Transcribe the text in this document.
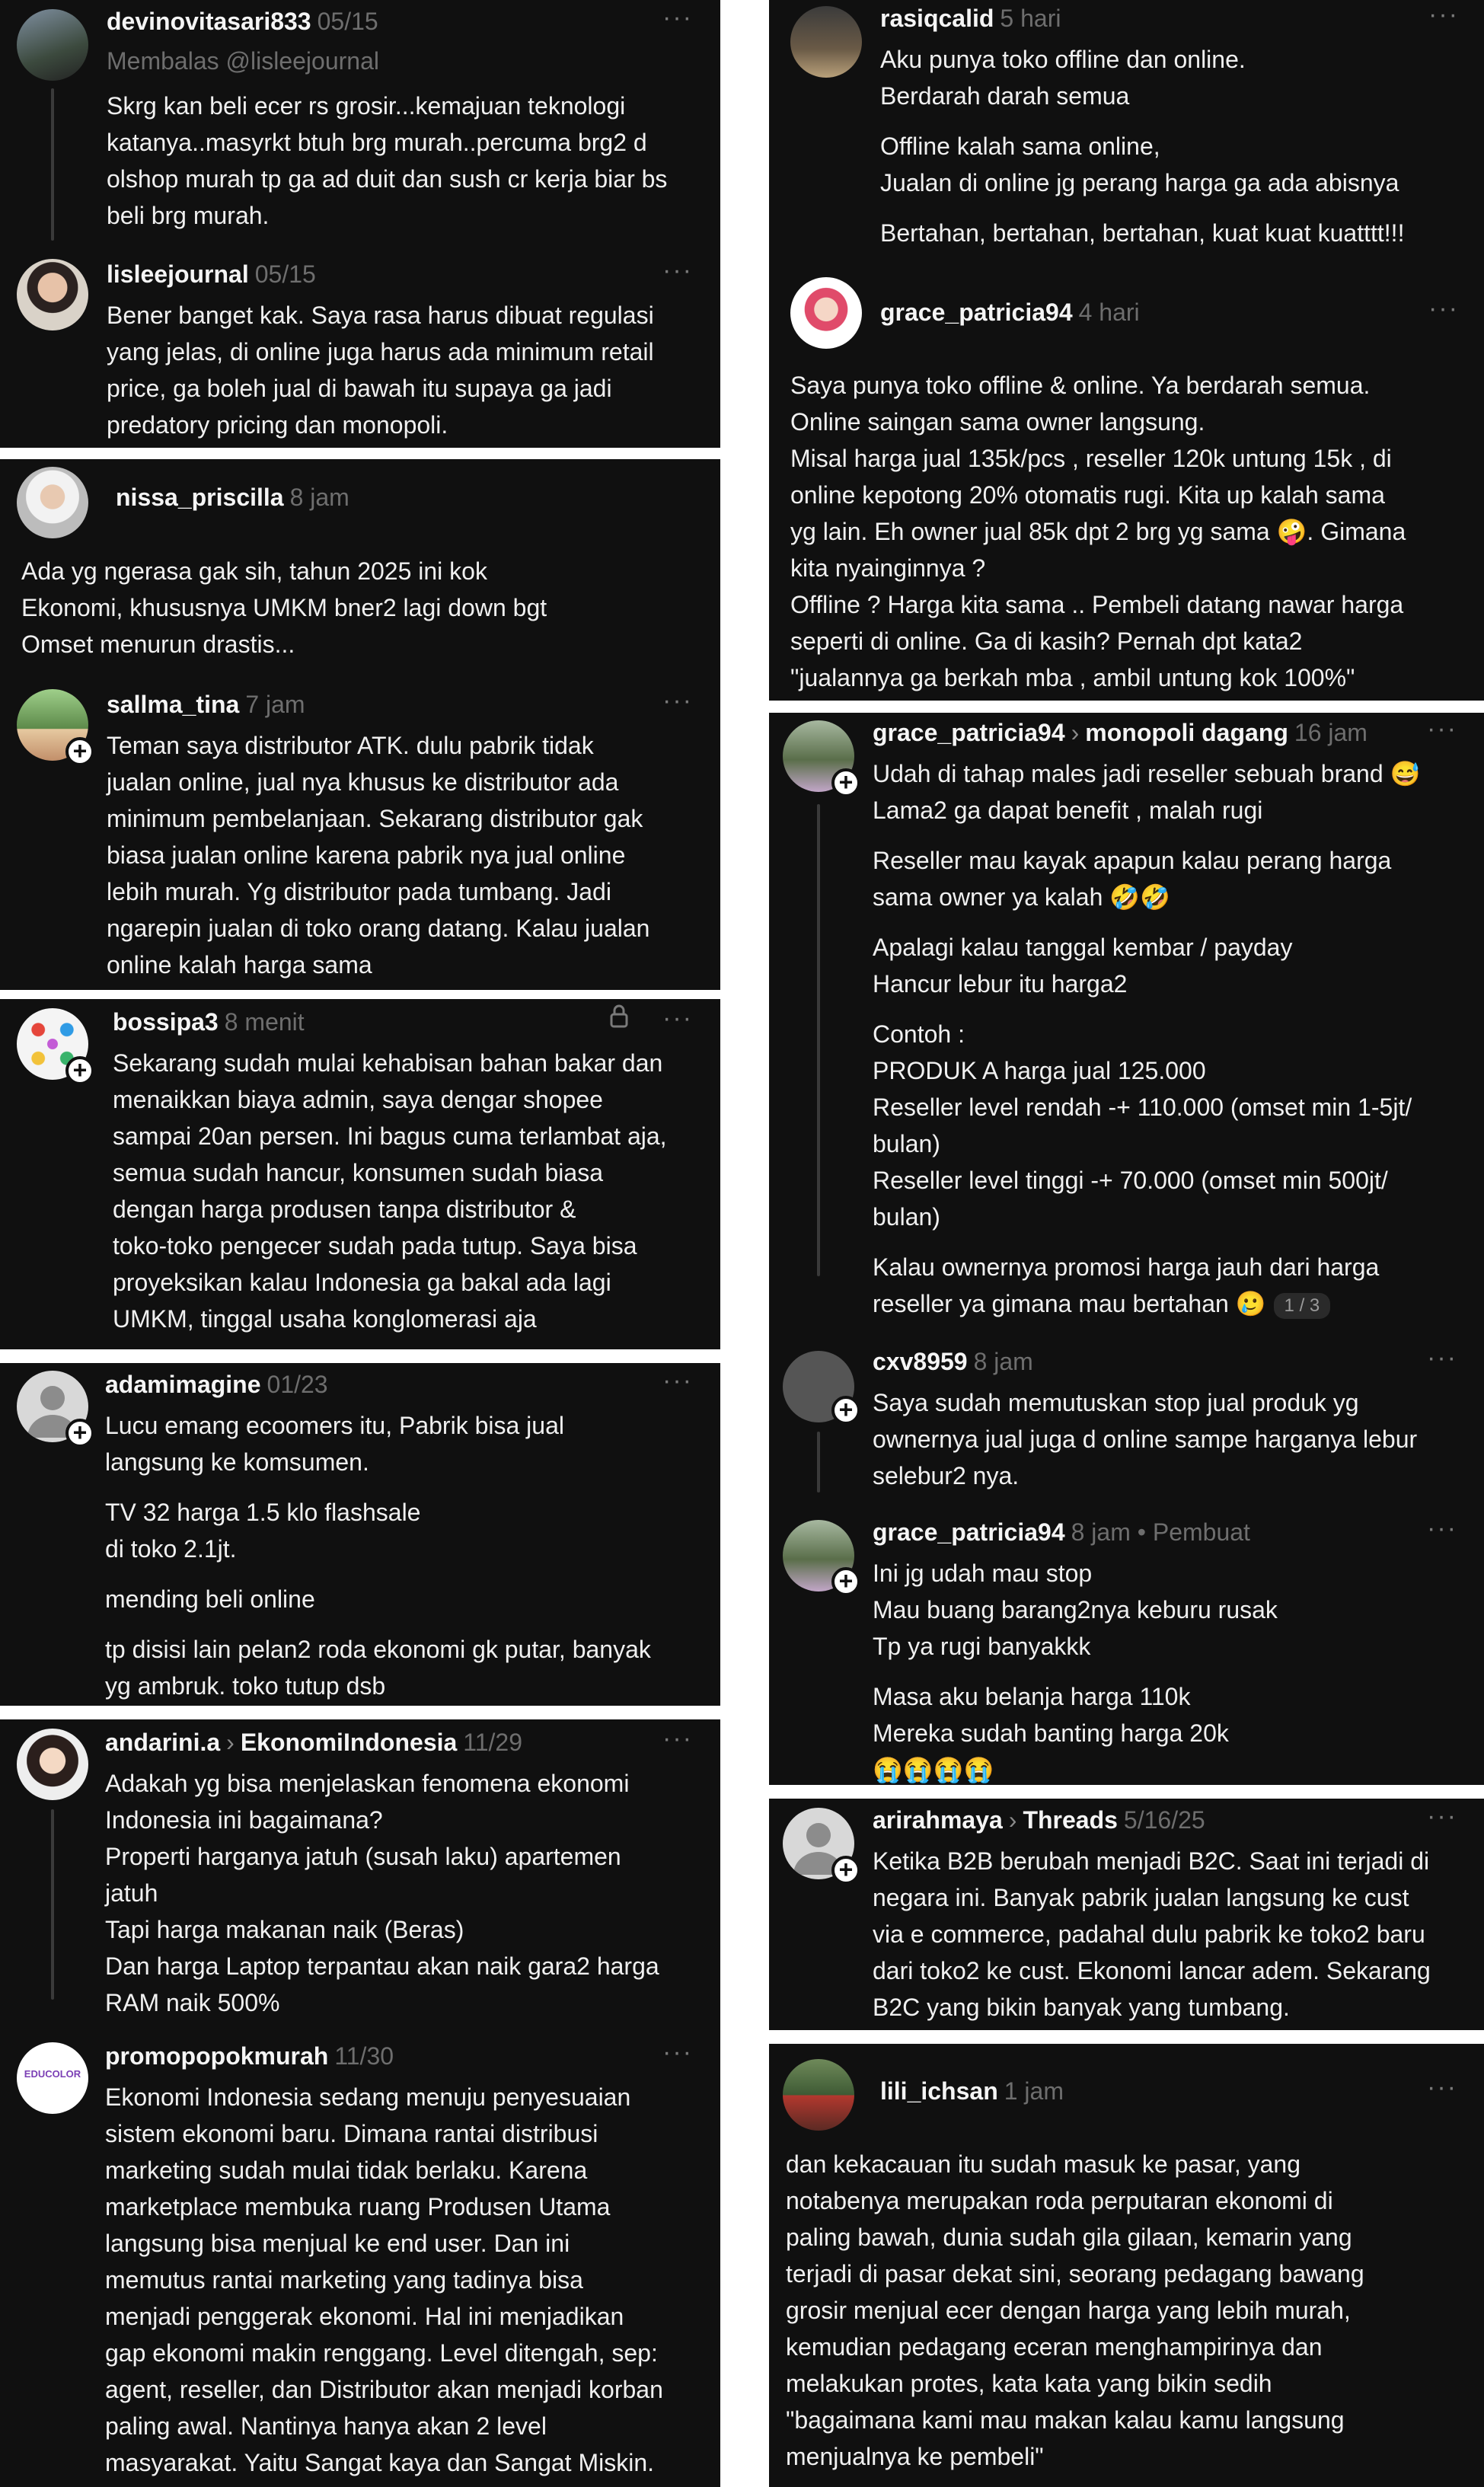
devinovitasari833 05/15	···
Membalas @lisleejournal

Skrg kan beli ecer rs grosir...kemajuan teknologi

katanya..masyrkt btuh brg murah..percuma brg2 d

olshop murah tp ga ad duit dan sush cr kerja biar bs

beli brg murah.

lisleejournal 05/15	···

Bener banget kak. Saya rasa harus dibuat regulasi

yang jelas, di online juga harus ada minimum retail

price, ga boleh jual di bawah itu supaya ga jadi

predatory pricing dan monopoli.

nissa_priscilla 8 jam

Ada yg ngerasa gak sih, tahun 2025 ini kok

Ekonomi, khususnya UMKM bner2 lagi down bgt

Omset menurun drastis...

+
sallma_tina 7 jam	···

Teman saya distributor ATK. dulu pabrik tidak

jualan online, jual nya khusus ke distributor ada

minimum pembelanjaan. Sekarang distributor gak

biasa jualan online karena pabrik nya jual online

lebih murah. Yg distributor pada tumbang. Jadi

ngarepin jualan di toko orang datang. Kalau jualan

online kalah harga sama

+
bossipa3 8 menit	···

Sekarang sudah mulai kehabisan bahan bakar dan

menaikkan biaya admin, saya dengar shopee

sampai 20an persen. Ini bagus cuma terlambat aja,

semua sudah hancur, konsumen sudah biasa

dengan harga produsen tanpa distributor &

toko-toko pengecer sudah pada tutup. Saya bisa

proyeksikan kalau Indonesia ga bakal ada lagi

UMKM, tinggal usaha konglomerasi aja

+
adamimagine 01/23	···

Lucu emang ecoomers itu, Pabrik bisa jual

langsung ke komsumen.

TV 32 harga 1.5 klo flashsale

di toko 2.1jt.

mending beli online

tp disisi lain pelan2 roda ekonomi gk putar, banyak

yg ambruk. toko tutup dsb

andarini.a › EkonomiIndonesia 11/29	···

Adakah yg bisa menjelaskan fenomena ekonomi

Indonesia ini bagaimana?

Properti harganya jatuh (susah laku) apartemen

jatuh

Tapi harga makanan naik (Beras)

Dan harga Laptop terpantau akan naik gara2 harga

RAM naik 500%

EDUCOLOR
promopopokmurah 11/30	···

Ekonomi Indonesia sedang menuju penyesuaian

sistem ekonomi baru. Dimana rantai distribusi

marketing sudah mulai tidak berlaku. Karena

marketplace membuka ruang Produsen Utama

langsung bisa menjual ke end user. Dan ini

memutus rantai marketing yang tadinya bisa

menjadi penggerak ekonomi. Hal ini menjadikan

gap ekonomi makin renggang. Level ditengah, sep:

agent, reseller, dan Distributor akan menjadi korban

paling awal. Nantinya hanya akan 2 level

masyarakat. Yaitu Sangat kaya dan Sangat Miskin.

rasiqcalid 5 hari	···

Aku punya toko offline dan online.

Berdarah darah semua

Offline kalah sama online,

Jualan di online jg perang harga ga ada abisnya

Bertahan, bertahan, bertahan, kuat kuat kuatttt!!!

grace_patricia94 4 hari	···

Saya punya toko offline & online. Ya berdarah semua.

Online saingan sama owner langsung.

Misal harga jual 135k/pcs , reseller 120k untung 15k , di

online kepotong 20% otomatis rugi. Kita up kalah sama

yg lain. Eh owner jual 85k dpt 2 brg yg sama 🤪. Gimana

kita nyainginnya ?

Offline ? Harga kita sama .. Pembeli datang nawar harga

seperti di online. Ga di kasih? Pernah dpt kata2

"jualannya ga berkah mba , ambil untung kok 100%"

+
grace_patricia94 › monopoli dagang 16 jam ···

Udah di tahap males jadi reseller sebuah brand 😅

Lama2 ga dapat benefit , malah rugi

Reseller mau kayak apapun kalau perang harga

sama owner ya kalah 🤣🤣

Apalagi kalau tanggal kembar / payday

Hancur lebur itu harga2

Contoh :

PRODUK A harga jual 125.000

Reseller level rendah -+ 110.000 (omset min 1-5jt/

bulan)

Reseller level tinggi -+ 70.000 (omset min 500jt/

bulan)

Kalau ownernya promosi harga jauh dari harga

reseller ya gimana mau bertahan 🥲 1 / 3

+
cxv8959 8 jam	···

Saya sudah memutuskan stop jual produk yg

ownernya jual juga d online sampe harganya lebur

selebur2 nya.

+
grace_patricia94 8 jam • Pembuat	···

Ini jg udah mau stop

Mau buang barang2nya keburu rusak

Tp ya rugi banyakkk

Masa aku belanja harga 110k

Mereka sudah banting harga 20k

😭😭😭😭

+
arirahmaya › Threads 5/16/25	···

Ketika B2B berubah menjadi B2C. Saat ini terjadi di

negara ini. Banyak pabrik jualan langsung ke cust

via e commerce, padahal dulu pabrik ke toko2 baru

dari toko2 ke cust. Ekonomi lancar adem. Sekarang

B2C yang bikin banyak yang tumbang.

lili_ichsan 1 jam	···

dan kekacauan itu sudah masuk ke pasar, yang

notabenya merupakan roda perputaran ekonomi di

paling bawah, dunia sudah gila gilaan, kemarin yang

terjadi di pasar dekat sini, seorang pedagang bawang

grosir menjual ecer dengan harga yang lebih murah,

kemudian pedagang eceran menghampirinya dan

melakukan protes, kata kata yang bikin sedih

"bagaimana kami mau makan kalau kamu langsung

menjualnya ke pembeli"
